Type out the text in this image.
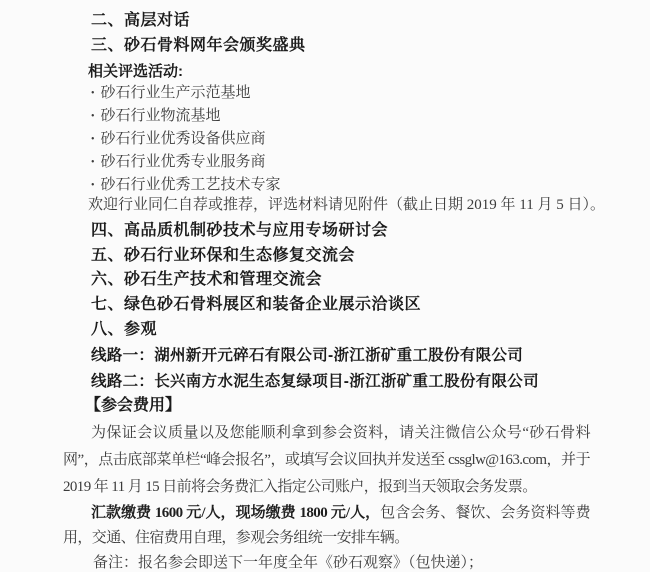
二、高层对话
三、砂石骨料网年会颁奖盛典
相关评选活动:
• 砂石行业生产示范基地
• 砂石行业物流基地
• 砂石行业优秀设备供应商
• 砂石行业优秀专业服务商
• 砂石行业优秀工艺技术专家
欢迎行业同仁自荐或推荐，评选材料请见附件（截止日期 2019 年 11 月 5 日）。
四、高品质机制砂技术与应用专场研讨会
五、砂石行业环保和生态修复交流会
六、砂石生产技术和管理交流会
七、绿色砂石骨料展区和装备企业展示洽谈区
八、参观
线路一：湖州新开元碎石有限公司-浙江浙矿重工股份有限公司
线路二：长兴南方水泥生态复绿项目-浙江浙矿重工股份有限公司
【参会费用】

为保证会议质量以及您能顺利拿到参会资料，请关注微信公众号“砂石骨料网”，点击底部菜单栏“峰会报名”，或填写会议回执并发送至 cssglw@163.com，并于 2019 年 11 月 15 日前将会务费汇入指定公司账户，报到当天领取会务发票。

汇款缴费 1600 元/人，现场缴费 1800 元/人，包含会务、餐饮、会务资料等费用，交通、住宿费用自理，参观会务组统一安排车辆。

备注：报名参会即送下一年度全年《砂石观察》（包快递）；
